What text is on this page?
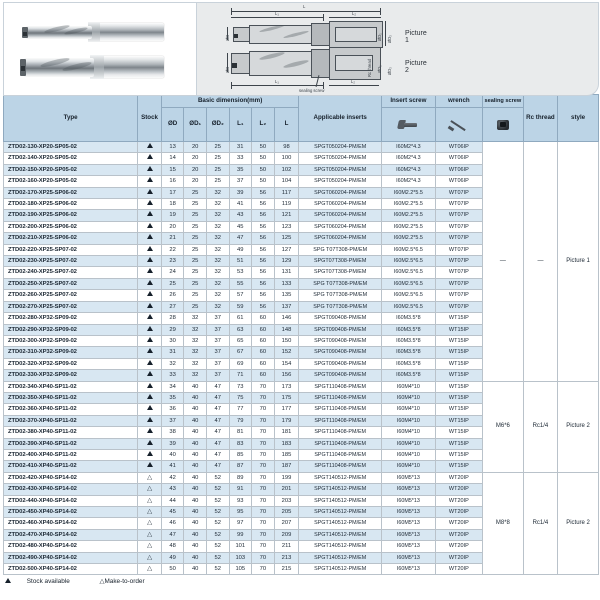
L
L₁	L₂
ØD	ØD₁ ØD₂
Picture 1
L₁	L₂
ØD	ØD₁ ØD₂
Rc thread
sealing screw
Picture 2
Type	Stock	Basic dimension(mm)						Applicable inserts	Insert screw	wrench	sealing screw	Rc thread	style
		ØD	ØD₁	ØD₂	L₁	L₂	L				

ZTD02-130-XP20-SP05-02		13	20	25	31	50	98	SPGT050204-PM/EM	I60M2*4.3	WT06IP	—	—	Picture 1
ZTD02-140-XP20-SP05-02		14	20	25	33	50	100	SPGT050204-PM/EM	I60M2*4.3	WT06IP			
ZTD02-150-XP20-SP05-02		15	20	25	35	50	102	SPGT050204-PM/EM	I60M2*4.3	WT06IP			
ZTD02-160-XP20-SP05-02		16	20	25	37	50	104	SPGT050204-PM/EM	I60M2*4.3	WT06IP			
ZTD02-170-XP25-SP06-02		17	25	32	39	56	117	SPGT060204-PM/EM	I60M2.2*5.5	WT07IP			
ZTD02-180-XP25-SP06-02		18	25	32	41	56	119	SPGT060204-PM/EM	I60M2.2*5.5	WT07IP			
ZTD02-190-XP25-SP06-02		19	25	32	43	56	121	SPGT060204-PM/EM	I60M2.2*5.5	WT07IP			
ZTD02-200-XP25-SP06-02		20	25	32	45	56	123	SPGT060204-PM/EM	I60M2.2*5.5	WT07IP			
ZTD02-210-XP25-SP06-02		21	25	32	47	56	125	SPGT060204-PM/EM	I60M2.2*5.5	WT07IP			
ZTD02-220-XP25-SP07-02		22	25	32	49	56	127	SPG T07T308-PM/EM	I60M2.5*6.5	WT07IP			
ZTD02-230-XP25-SP07-02		23	25	32	51	56	129	SPGT07T308-PM/EM	I60M2.5*6.5	WT07IP			
ZTD02-240-XP25-SP07-02		24	25	32	53	56	131	SPGT07T308-PM/EM	I60M2.5*6.5	WT07IP			
ZTD02-250-XP25-SP07-02		25	25	32	55	56	133	SPG T07T308-PM/EM	I60M2.5*6.5	WT07IP			
ZTD02-260-XP25-SP07-02		26	25	32	57	56	135	SPG T07T308-PM/EM	I60M2.5*6.5	WT07IP			
ZTD02-270-XP25-SP07-02		27	25	32	59	56	137	SPG T07T308-PM/EM	I60M2.5*6.5	WT07IP			
ZTD02-280-XP32-SP09-02		28	32	37	61	60	146	SPGT090408-PM/EM	I60M3.5*8	WT15IP			
ZTD02-290-XP32-SP09-02		29	32	37	63	60	148	SPGT090408-PM/EM	I60M3.5*8	WT15IP			
ZTD02-300-XP32-SP09-02		30	32	37	65	60	150	SPGT090408-PM/EM	I60M3.5*8	WT15IP			
ZTD02-310-XP32-SP09-02		31	32	37	67	60	152	SPGT090408-PM/EM	I60M3.5*8	WT15IP			
ZTD02-320-XP32-SP09-02		32	32	37	69	60	154	SPGT090408-PM/EM	I60M3.5*8	WT15IP			
ZTD02-330-XP32-SP09-02		33	32	37	71	60	156	SPGT090408-PM/EM	I60M3.5*8	WT15IP			
ZTD02-340-XP40-SP11-02		34	40	47	73	70	173	SPGT110408-PM/EM	I60M4*10	WT15IP	M6*6	Rc1/4	Picture 2
ZTD02-350-XP40-SP11-02		35	40	47	75	70	175	SPGT110408-PM/EM	I60M4*10	WT15IP			
ZTD02-360-XP40-SP11-02		36	40	47	77	70	177	SPGT110408-PM/EM	I60M4*10	WT15IP			
ZTD02-370-XP40-SP11-02		37	40	47	79	70	179	SPGT110408-PM/EM	I60M4*10	WT15IP			
ZTD02-380-XP40-SP11-02		38	40	47	81	70	181	SPGT110408-PM/EM	I60M4*10	WT15IP			
ZTD02-390-XP40-SP11-02		39	40	47	83	70	183	SPGT110408-PM/EM	I60M4*10	WT15IP			
ZTD02-400-XP40-SP11-02		40	40	47	85	70	185	SPGT110408-PM/EM	I60M4*10	WT15IP			
ZTD02-410-XP40-SP11-02		41	40	47	87	70	187	SPGT110408-PM/EM	I60M4*10	WT15IP			
ZTD02-420-XP40-SP14-02	△	42	40	52	89	70	199	SPGT140512-PM/EM	I60M5*13	WT20IP	M8*8	Rc1/4	Picture 2
ZTD02-430-XP40-SP14-02	△	43	40	52	91	70	201	SPGT140512-PM/EM	I60M5*13	WT20IP			
ZTD02-440-XP40-SP14-02	△	44	40	52	93	70	203	SPGT140512-PM/EM	I60M5*13	WT20IP			
ZTD02-450-XP40-SP14-02	△	45	40	52	95	70	205	SPGT140512-PM/EM	I60M5*13	WT20IP			
ZTD02-460-XP40-SP14-02	△	46	40	52	97	70	207	SPGT140512-PM/EM	I60M5*13	WT20IP			
ZTD02-470-XP40-SP14-02	△	47	40	52	99	70	209	SPGT140512-PM/EM	I60M5*13	WT20IP			
ZTD02-480-XP40-SP14-02	△	48	40	52	101	70	211	SPGT140512-PM/EM	I60M5*13	WT20IP			
ZTD02-490-XP40-SP14-02	△	49	40	52	103	70	213	SPGT140512-PM/EM	I60M5*13	WT20IP			
ZTD02-500-XP40-SP14-02	△	50	40	52	105	70	215	SPGT140512-PM/EM	I60M5*13	WT20IP			
Stock available	△Make-to-order
